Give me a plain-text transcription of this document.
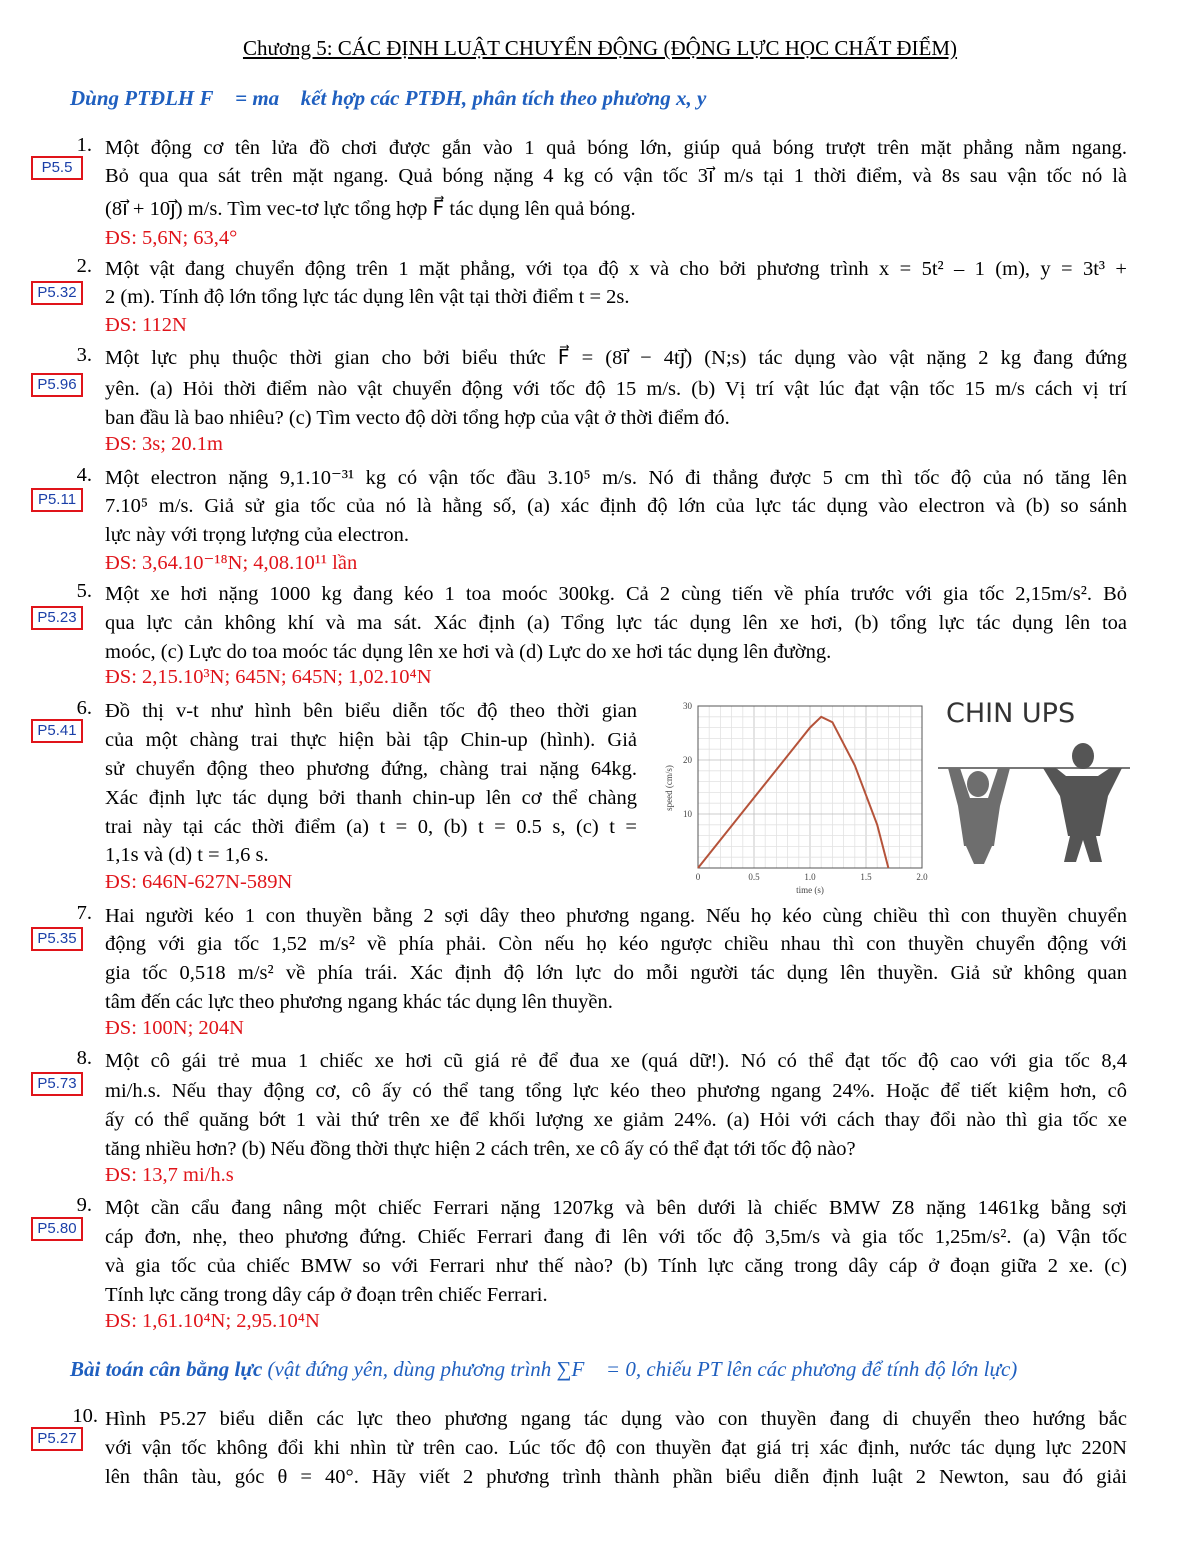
Chương 5: CÁC ĐỊNH LUẬT CHUYỂN ĐỘNG (ĐỘNG LỰC HỌC CHẤT ĐIỂM)
Dùng PTĐLH F⃗ = ma⃗ kết hợp các PTĐH, phân tích theo phương x, y
1.
P5.5
Một động cơ tên lửa đồ chơi được gắn vào 1 quả bóng lớn, giúp quả bóng trượt trên mặt phẳng nằm ngang.
Bỏ qua qua sát trên mặt ngang. Quả bóng nặng 4 kg có vận tốc 3i⃗ m/s tại 1 thời điểm, và 8s sau vận tốc nó là
(8i⃗ + 10j⃗) m/s. Tìm vec-tơ lực tổng hợp F⃗ tác dụng lên quả bóng.
ĐS: 5,6N; 63,4°
2.
P5.32
Một vật đang chuyển động trên 1 mặt phẳng, với tọa độ x và cho bởi phương trình x = 5t² – 1 (m), y = 3t³ +
2 (m). Tính độ lớn tổng lực tác dụng lên vật tại thời điểm t = 2s.
ĐS: 112N
3.
P5.96
Một lực phụ thuộc thời gian cho bởi biểu thức F⃗ = (8i⃗ − 4tj⃗) (N;s) tác dụng vào vật nặng 2 kg đang đứng
yên. (a) Hỏi thời điểm nào vật chuyển động với tốc độ 15 m/s. (b) Vị trí vật lúc đạt vận tốc 15 m/s cách vị trí
ban đầu là bao nhiêu? (c) Tìm vecto độ dời tổng hợp của vật ở thời điểm đó.
ĐS: 3s; 20.1m
4.
P5.11
Một electron nặng 9,1.10⁻³¹ kg có vận tốc đầu 3.10⁵ m/s. Nó đi thẳng được 5 cm thì tốc độ của nó tăng lên
7.10⁵ m/s. Giả sử gia tốc của nó là hằng số, (a) xác định độ lớn của lực tác dụng vào electron và (b) so sánh
lực này với trọng lượng của electron.
ĐS: 3,64.10⁻¹⁸N; 4,08.10¹¹ lần
5.
P5.23
Một xe hơi nặng 1000 kg đang kéo 1 toa moóc 300kg. Cả 2 cùng tiến về phía trước với gia tốc 2,15m/s². Bỏ
qua lực cản không khí và ma sát. Xác định (a) Tổng lực tác dụng lên xe hơi, (b) tổng lực tác dụng lên toa
moóc, (c) Lực do toa moóc tác dụng lên xe hơi và (d) Lực do xe hơi tác dụng lên đường.
ĐS: 2,15.10³N; 645N; 645N; 1,02.10⁴N
6.
P5.41
Đồ thị v-t như hình bên biểu diễn tốc độ theo thời gian
của một chàng trai thực hiện bài tập Chin-up (hình). Giả
sử chuyển động theo phương đứng, chàng trai nặng 64kg.
Xác định lực tác dụng bởi thanh chin-up lên cơ thể chàng
trai này tại các thời điểm (a) t = 0, (b) t = 0.5 s, (c) t =
1,1s và (d) t = 1,6 s.
ĐS: 646N-627N-589N
7.
P5.35
Hai người kéo 1 con thuyền bằng 2 sợi dây theo phương ngang. Nếu họ kéo cùng chiều thì con thuyền chuyển
động với gia tốc 1,52 m/s² về phía phải. Còn nếu họ kéo ngược chiều nhau thì con thuyền chuyển động với
gia tốc 0,518 m/s² về phía trái. Xác định độ lớn lực do mỗi người tác dụng lên thuyền. Giả sử không quan
tâm đến các lực theo phương ngang khác tác dụng lên thuyền.
ĐS: 100N; 204N
8.
P5.73
Một cô gái trẻ mua 1 chiếc xe hơi cũ giá rẻ để đua xe (quá dữ!). Nó có thể đạt tốc độ cao với gia tốc 8,4
mi/h.s. Nếu thay động cơ, cô ấy có thể tang tổng lực kéo theo phương ngang 24%. Hoặc để tiết kiệm hơn, cô
ấy có thể quăng bớt 1 vài thứ trên xe để khối lượng xe giảm 24%. (a) Hỏi với cách thay đổi nào thì gia tốc xe
tăng nhiều hơn? (b) Nếu đồng thời thực hiện 2 cách trên, xe cô ấy có thể đạt tới tốc độ nào?
ĐS: 13,7 mi/h.s
9.
P5.80
Một cần cẩu đang nâng một chiếc Ferrari nặng 1207kg và bên dưới là chiếc BMW Z8 nặng 1461kg bằng sợi
cáp đơn, nhẹ, theo phương đứng. Chiếc Ferrari đang đi lên với tốc độ 3,5m/s và gia tốc 1,25m/s². (a) Vận tốc
và gia tốc của chiếc BMW so với Ferrari như thế nào? (b) Tính lực căng trong dây cáp ở đoạn giữa 2 xe. (c)
Tính lực căng trong dây cáp ở đoạn trên chiếc Ferrari.
ĐS: 1,61.10⁴N; 2,95.10⁴N
10.
P5.27
Hình P5.27 biểu diễn các lực theo phương ngang tác dụng vào con thuyền đang di chuyển theo hướng bắc
với vận tốc không đổi khi nhìn từ trên cao. Lúc tốc độ con thuyền đạt giá trị xác định, nước tác dụng lực 220N
lên thân tàu, góc θ = 40°. Hãy viết 2 phương trình thành phần biểu diễn định luật 2 Newton, sau đó giải
Bài toán cân bằng lực (vật đứng yên, dùng phương trình ∑F⃗ = 0, chiếu PT lên các phương để tính độ lớn lực)
0	0.5	1.0	1.5	2.0
10
20
30
time (s)
speed (cm/s)
CHIN UPS
